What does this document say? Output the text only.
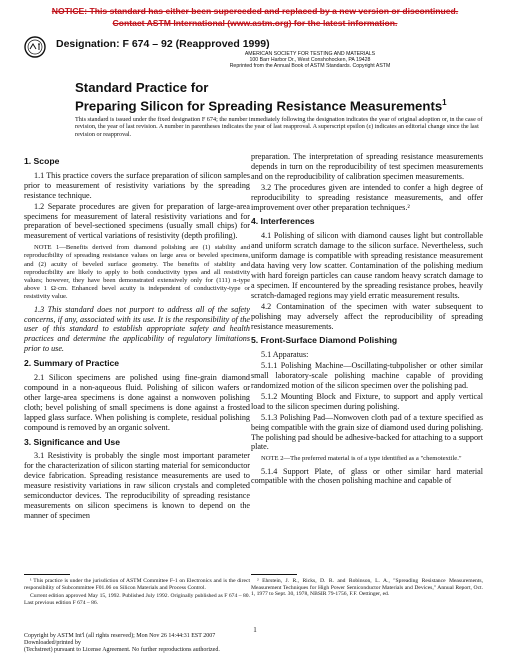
NOTICE: This standard has either been superceded and replaced by a new version or discontinued.
Contact ASTM International (www.astm.org) for the latest information.
Designation: F 674 – 92 (Reapproved 1999)
AMERICAN SOCIETY FOR TESTING AND MATERIALS
100 Barr Harbor Dr., West Conshohocken, PA 19428
Reprinted from the Annual Book of ASTM Standards. Copyright ASTM
Standard Practice for
Preparing Silicon for Spreading Resistance Measurements$^1$
This standard is issued under the fixed designation F 674; the number immediately following the designation indicates the year of original adoption or, in the case of revision, the year of last revision. A number in parentheses indicates the year of last reapproval. A superscript epsilon (ε) indicates an editorial change since the last revision or reapproval.
1. Scope

1.1 This practice covers the surface preparation of silicon samples prior to measurement of resistivity variations by the spreading resistance technique.

1.2 Separate procedures are given for preparation of large-area specimens for measurement of lateral resistivity variations and for preparation of bevel-sectioned specimens (usually small chips) for measurement of vertical variations of resistivity (depth profiling).

NOTE 1—Benefits derived from diamond polishing are (1) stability and reproducibility of spreading resistance values on large area or beveled specimens, and (2) acuity of beveled surface geometry. The benefits of stability and reproducibility are likely to apply to both conductivity types and all resistivity values; however, they have been demonstrated extensively only for (111) n-type above 1 Ω·cm. Enhanced bevel acuity is independent of conductivity-type or resistivity value.

1.3 This standard does not purport to address all of the safety concerns, if any, associated with its use. It is the responsibility of the user of this standard to establish appropriate safety and health practices and determine the applicability of regulatory limitations prior to use.

2. Summary of Practice

2.1 Silicon specimens are polished using fine-grain diamond compound in a non-aqueous fluid. Polishing of silicon wafers or other large-area specimens is done against a nonwoven polishing cloth; bevel polishing of small specimens is done against a frosted lapped glass surface. When polishing is complete, residual polishing compound is removed by an organic solvent.

3. Significance and Use

3.1 Resistivity is probably the single most important parameter for the characterization of silicon starting material for semiconductor device fabrication. Spreading resistance measurements are used to measure resistivity variations in raw silicon crystals and completed semiconductor devices. The reproducibility of spreading resistance measurements on silicon specimens is known to depend on the manner of specimen

preparation. The interpretation of spreading resistance measurements depends in turn on the reproducibility of test specimen measurements and on the reproducibility of calibration specimen measurements.

3.2 The procedures given are intended to confer a high degree of reproducibility to spreading resistance measurements, and offer improvement over other preparation techniques.²

4. Interferences

4.1 Polishing of silicon with diamond causes light but controllable and uniform scratch damage to the silicon surface. Nevertheless, such uniform damage is compatible with spreading resistance measurement data having very low scatter. Contamination of the polishing medium with hard foreign particles can cause random heavy scratch damage to a specimen. If encountered by the spreading resistance probes, heavily scratch-damaged regions may yield erratic measurement results.

4.2 Contamination of the specimen with water subsequent to polishing may adversely affect the reproducibility of spreading resistance measurements.

5. Front-Surface Diamond Polishing

5.1 Apparatus:

5.1.1 Polishing Machine—Oscillating-tubpolisher or other similar small laboratory-scale polishing machine capable of providing randomized motion of the silicon specimen over the polishing pad.

5.1.2 Mounting Block and Fixture, to support and apply vertical load to the silicon specimen during polishing.

5.1.3 Polishing Pad—Nonwoven cloth pad of a texture specified as being compatible with the grain size of diamond used during polishing. The polishing pad should be adhesive-backed for attaching to a support plate.

NOTE 2—The preferred material is of a type identified as a "chemotextile."

5.1.4 Support Plate, of glass or other similar hard material compatible with the chosen polishing machine and capable of

¹ This practice is under the jurisdiction of ASTM Committee F-1 on Electronics and is the direct responsibility of Subcommittee F01.06 on Silicon Materials and Process Control.

Current edition approved May 15, 1992. Published July 1992. Originally published as F 674 – 80. Last previous edition F 674 – 86.

² Ehrstein, J. R., Ricks, D. R. and Robinson, L. A., "Spreading Resistance Measurements, Measurement Techniques for High Power Semiconductor Materials and Devices," Annual Report, Oct. 1, 1977 to Sept. 30, 1978, NBSIR 79-1756, F.F. Oettinger, ed.

1
Copyright by ASTM Int'l (all rights reserved); Mon Nov 26 14:44:31 EST 2007
Downloaded/printed by
(Techstreet) pursuant to License Agreement. No further reproductions authorized.
